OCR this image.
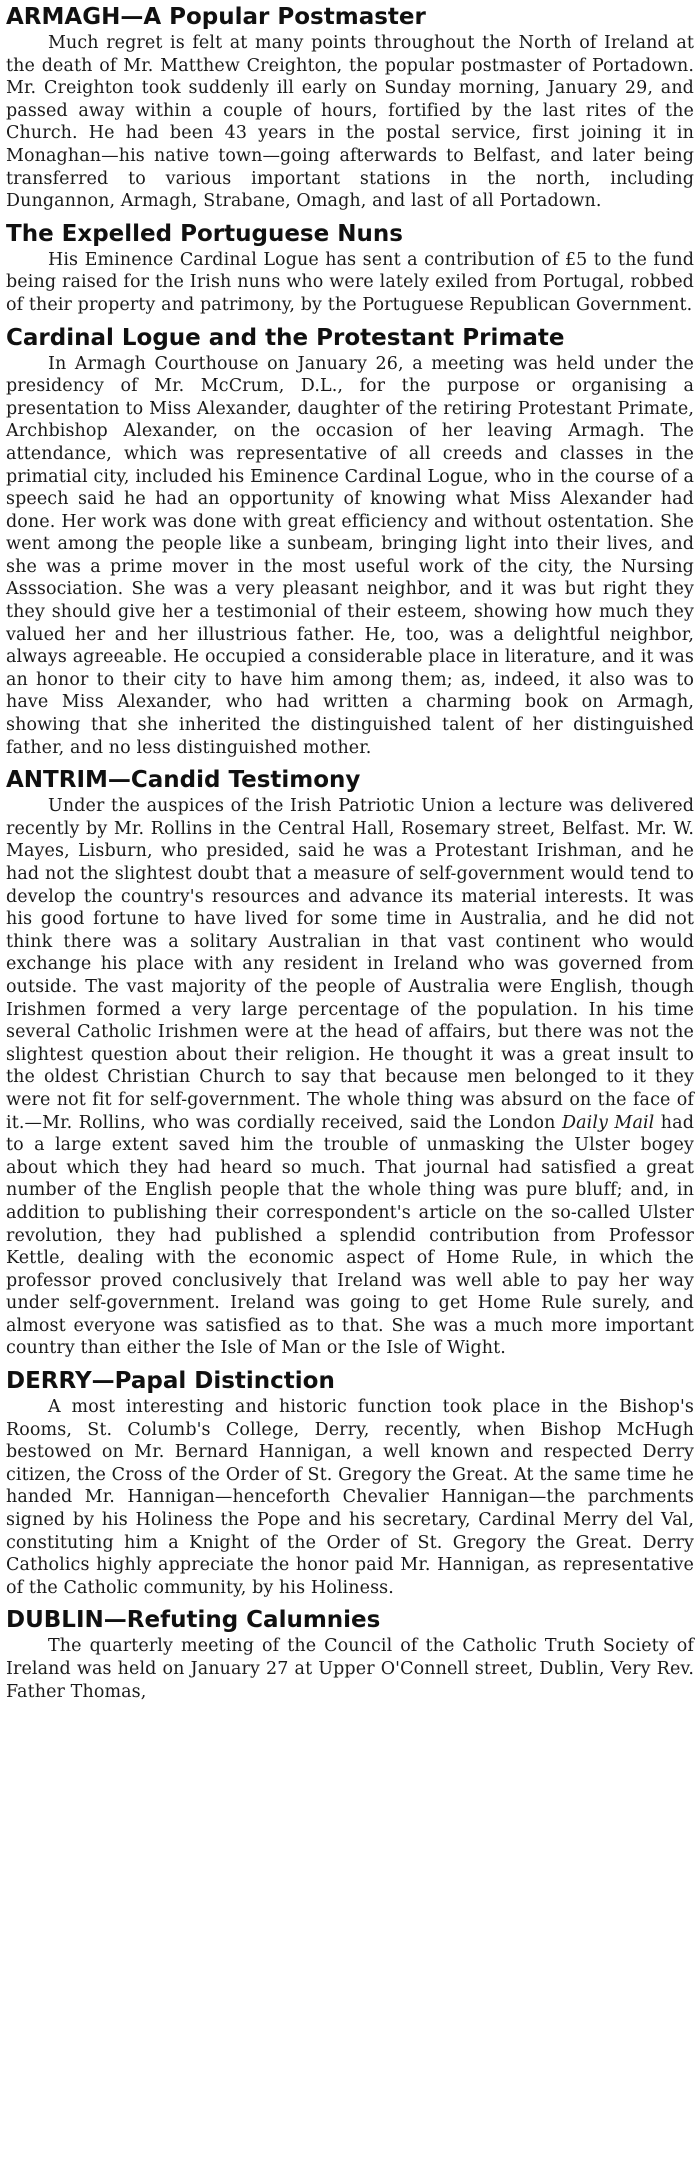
ARMAGH—A Popular Postmaster

Much regret is felt at many points throughout the North of Ireland at the death of Mr. Matthew Creighton, the popular postmaster of Portadown. Mr. Creighton took suddenly ill early on Sunday morning, January 29, and passed away within a couple of hours, fortified by the last rites of the Church. He had been 43 years in the postal service, first joining it in Monaghan—his native town—going afterwards to Belfast, and later being transferred to various important stations in the north, including Dungannon, Armagh, Strabane, Omagh, and last of all Portadown.

The Expelled Portuguese Nuns

His Eminence Cardinal Logue has sent a contribution of £5 to the fund being raised for the Irish nuns who were lately exiled from Portugal, robbed of their property and patrimony, by the Portuguese Republican Government.

Cardinal Logue and the Protestant Primate

In Armagh Courthouse on January 26, a meeting was held under the presidency of Mr. McCrum, D.L., for the purpose or organising a presentation to Miss Alexander, daughter of the retiring Protestant Primate, Archbishop Alexander, on the occasion of her leaving Armagh. The attendance, which was representative of all creeds and classes in the primatial city, included his Eminence Cardinal Logue, who in the course of a speech said he had an opportunity of knowing what Miss Alexander had done. Her work was done with great efficiency and without ostentation. She went among the people like a sunbeam, bringing light into their lives, and she was a prime mover in the most useful work of the city, the Nursing Asssociation. She was a very pleasant neighbor, and it was but right they they should give her a testimonial of their esteem, showing how much they valued her and her illustrious father. He, too, was a delightful neighbor, always agreeable. He occupied a considerable place in literature, and it was an honor to their city to have him among them; as, indeed, it also was to have Miss Alexander, who had written a charming book on Armagh, showing that she inherited the distinguished talent of her distinguished father, and no less distinguished mother.

ANTRIM—Candid Testimony

Under the auspices of the Irish Patriotic Union a lecture was delivered recently by Mr. Rollins in the Central Hall, Rosemary street, Belfast. Mr. W. Mayes, Lisburn, who presided, said he was a Protestant Irishman, and he had not the slightest doubt that a measure of self-government would tend to develop the country's resources and advance its material interests. It was his good fortune to have lived for some time in Australia, and he did not think there was a solitary Australian in that vast continent who would exchange his place with any resident in Ireland who was governed from outside. The vast majority of the people of Australia were English, though Irishmen formed a very large percentage of the population. In his time several Catholic Irishmen were at the head of affairs, but there was not the slightest question about their religion. He thought it was a great insult to the oldest Christian Church to say that because men belonged to it they were not fit for self-government. The whole thing was absurd on the face of it.—Mr. Rollins, who was cordially received, said the London Daily Mail had to a large extent saved him the trouble of unmasking the Ulster bogey about which they had heard so much. That journal had satisfied a great number of the English people that the whole thing was pure bluff; and, in addition to publishing their correspondent's article on the so-called Ulster revolution, they had published a splendid contribution from Professor Kettle, dealing with the economic aspect of Home Rule, in which the professor proved conclusively that Ireland was well able to pay her way under self-government. Ireland was going to get Home Rule surely, and almost everyone was satisfied as to that. She was a much more important country than either the Isle of Man or the Isle of Wight.

DERRY—Papal Distinction

A most interesting and historic function took place in the Bishop's Rooms, St. Columb's College, Derry, recently, when Bishop McHugh bestowed on Mr. Bernard Hannigan, a well known and respected Derry citizen, the Cross of the Order of St. Gregory the Great. At the same time he handed Mr. Hannigan—henceforth Chevalier Hannigan—the parchments signed by his Holiness the Pope and his secretary, Cardinal Merry del Val, constituting him a Knight of the Order of St. Gregory the Great. Derry Catholics highly appreciate the honor paid Mr. Hannigan, as representative of the Catholic community, by his Holiness.

DUBLIN—Refuting Calumnies

The quarterly meeting of the Council of the Catholic Truth Society of Ireland was held on January 27 at Upper O'Connell street, Dublin, Very Rev. Father Thomas,
